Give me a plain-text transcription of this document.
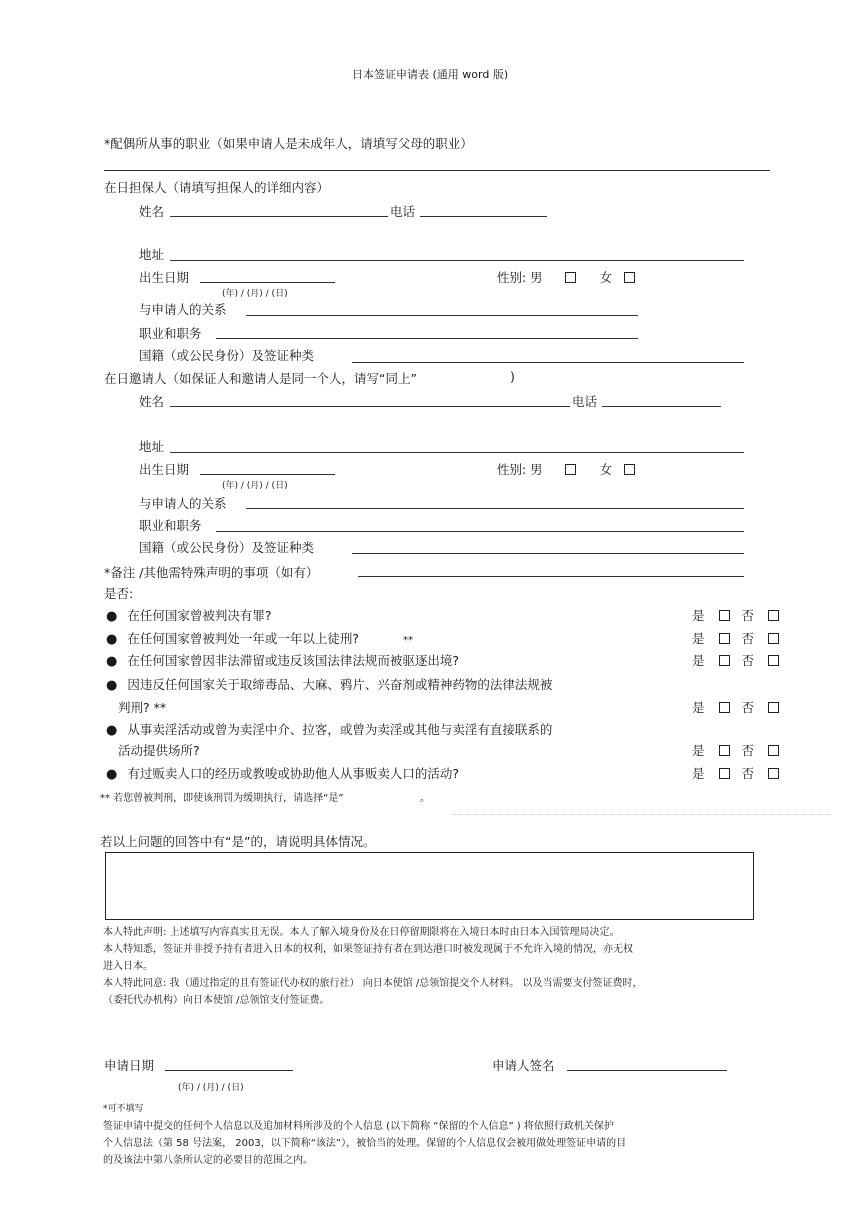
日本签证申请表 (通用 word 版)
*配偶所从事的职业（如果申请人是未成年人，请填写父母的职业）
在日担保人（请填写担保人的详细内容）
姓名	电话
地址
出生日期
(年) / (月) / (日)
性别: 男	女
与申请人的关系
职业和职务
国籍（或公民身份）及签证种类
在日邀请人（如保证人和邀请人是同一个人，请写“同上”	)
姓名	电话
地址
出生日期
(年) / (月) / (日)
性别: 男	女
与申请人的关系
职业和职务
国籍（或公民身份）及签证种类
*备注 /其他需特殊声明的事项（如有）
是否:
● 在任何国家曾被判决有罪?	是	否
● 在任何国家曾被判处一年或一年以上徒刑?	**	是	否
● 在任何国家曾因非法滞留或违反该国法律法规而被驱逐出境?	是	否
● 因违反任何国家关于取缔毒品、大麻、鸦片、兴奋剂或精神药物的法律法规被
判刑? **	是	否
● 从事卖淫活动或曾为卖淫中介、拉客，或曾为卖淫或其他与卖淫有直接联系的
活动提供场所?	是	否
● 有过贩卖人口的经历或教唆或协助他人从事贩卖人口的活动?	是	否
** 若您曾被判刑，即使该刑罚为缓期执行，请选择“是”	。
若以上问题的回答中有“是”的，请说明具体情况。
本人特此声明: 上述填写内容真实且无误。本人了解入境身份及在日停留期限将在入境日本时由日本入国管理局决定。
本人特知悉，签证并非授予持有者进入日本的权利，如果签证持有者在到达港口时被发现属于不允许入境的情况，亦无权
进入日本。
本人特此同意: 我（通过指定的且有签证代办权的旅行社） 向日本使馆 /总领馆提交个人材料。 以及当需要支付签证费时，
（委托代办机构）向日本使馆 /总领馆支付签证费。
申请日期
(年) / (月) / (日)
申请人签名
*可不填写
签证申请中提交的任何个人信息以及追加材料所涉及的个人信息 (以下简称 “保留的个人信息” ) 将依照行政机关保护
个人信息法（第 58 号法案， 2003，以下简称“该法”），被恰当的处理。保留的个人信息仅会被用做处理签证申请的目
的及该法中第八条所认定的必要目的范围之内。
